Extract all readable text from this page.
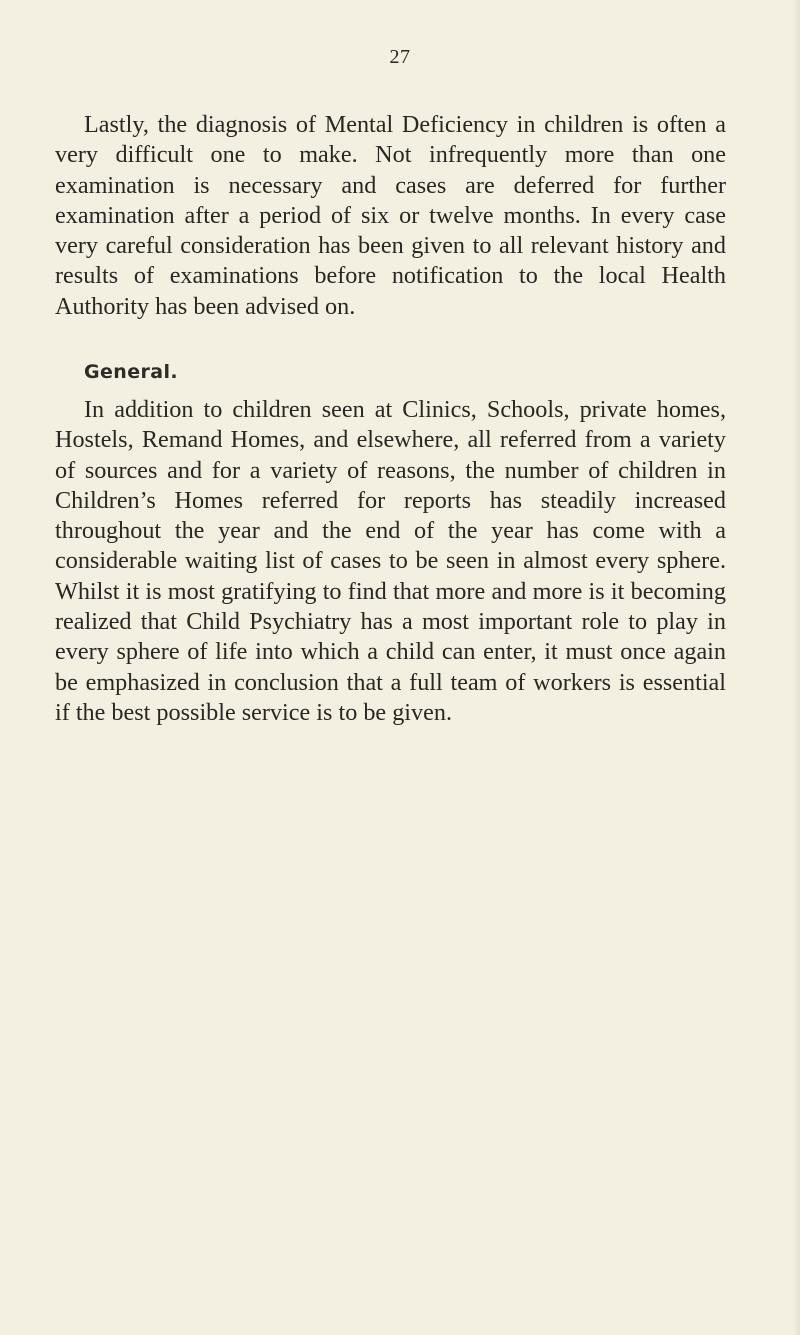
27

Lastly, the diagnosis of Mental Deficiency in children is often a very difficult one to make. Not infrequently more than one examination is necessary and cases are deferred for further examination after a period of six or twelve months. In every case very careful consideration has been given to all relevant history and results of examinations before notification to the local Health Authority has been advised on.

General.

In addition to children seen at Clinics, Schools, private homes, Hostels, Remand Homes, and elsewhere, all referred from a variety of sources and for a variety of reasons, the number of children in Children’s Homes referred for reports has steadily increased throughout the year and the end of the year has come with a considerable waiting list of cases to be seen in almost every sphere. Whilst it is most gratifying to find that more and more is it becoming realized that Child Psychiatry has a most important role to play in every sphere of life into which a child can enter, it must once again be emphasized in conclusion that a full team of workers is essential if the best possible service is to be given.
